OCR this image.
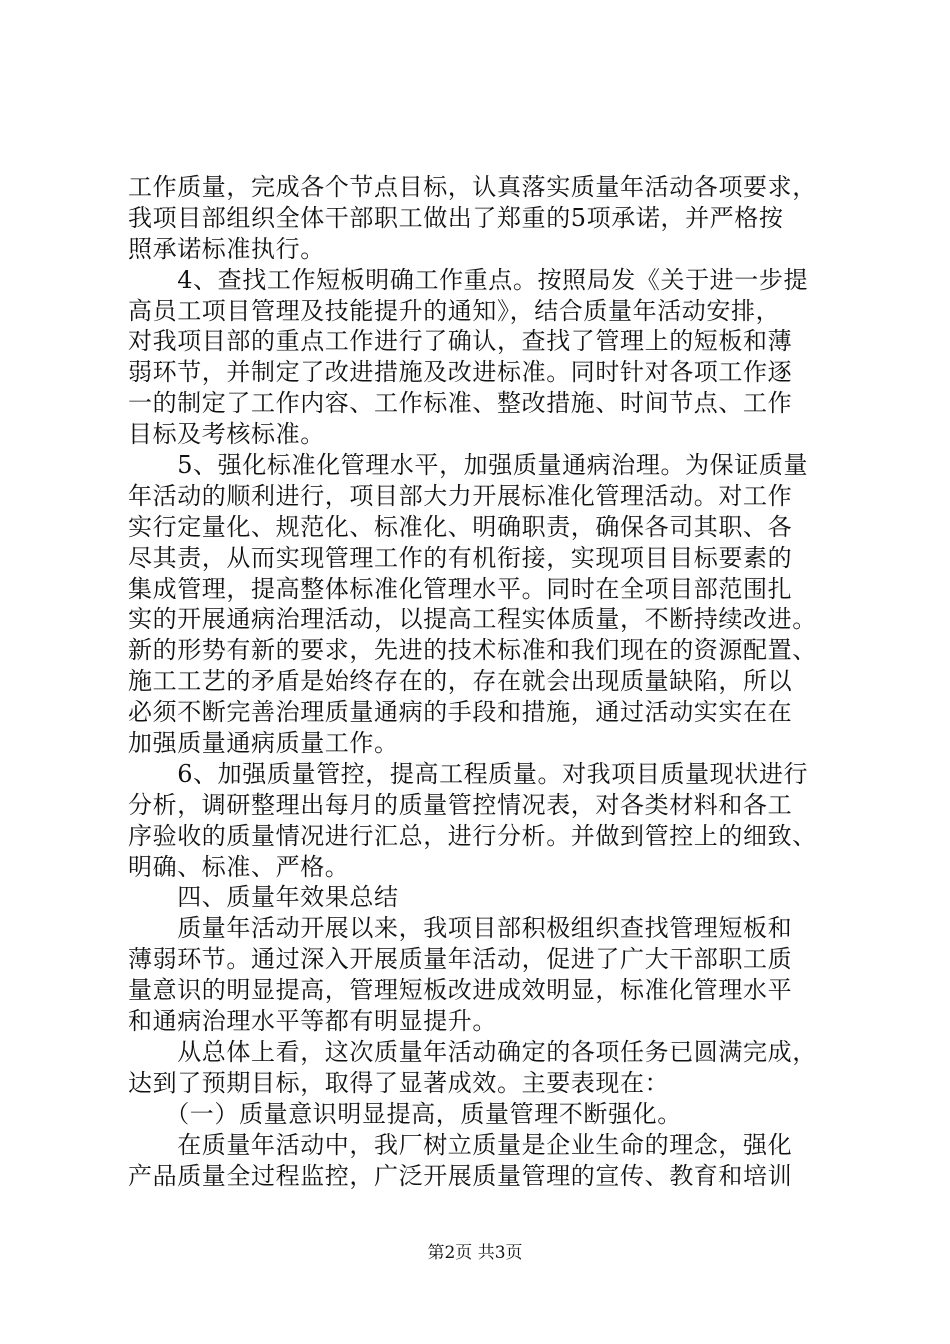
工作质量，完成各个节点目标，认真落实质量年活动各项要求，
我项目部组织全体干部职工做出了郑重的5项承诺，并严格按
照承诺标准执行。
　　4、查找工作短板明确工作重点。按照局发《关于进一步提
高员工项目管理及技能提升的通知》，结合质量年活动安排，
对我项目部的重点工作进行了确认，查找了管理上的短板和薄
弱环节，并制定了改进措施及改进标准。同时针对各项工作逐
一的制定了工作内容、工作标准、整改措施、时间节点、工作
目标及考核标准。
　　5、强化标准化管理水平，加强质量通病治理。为保证质量
年活动的顺利进行，项目部大力开展标准化管理活动。对工作
实行定量化、规范化、标准化、明确职责，确保各司其职、各
尽其责，从而实现管理工作的有机衔接，实现项目目标要素的
集成管理，提高整体标准化管理水平。同时在全项目部范围扎
实的开展通病治理活动，以提高工程实体质量，不断持续改进。
新的形势有新的要求，先进的技术标准和我们现在的资源配置、
施工工艺的矛盾是始终存在的，存在就会出现质量缺陷，所以
必须不断完善治理质量通病的手段和措施，通过活动实实在在
加强质量通病质量工作。
　　6、加强质量管控，提高工程质量。对我项目质量现状进行
分析，调研整理出每月的质量管控情况表，对各类材料和各工
序验收的质量情况进行汇总，进行分析。并做到管控上的细致、
明确、标准、严格。
　　四、质量年效果总结
　　质量年活动开展以来，我项目部积极组织查找管理短板和
薄弱环节。通过深入开展质量年活动，促进了广大干部职工质
量意识的明显提高，管理短板改进成效明显，标准化管理水平
和通病治理水平等都有明显提升。
　　从总体上看，这次质量年活动确定的各项任务已圆满完成，
达到了预期目标，取得了显著成效。主要表现在：
　　（一）质量意识明显提高，质量管理不断强化。
　　在质量年活动中，我厂树立质量是企业生命的理念，强化
产品质量全过程监控，广泛开展质量管理的宣传、教育和培训
第2页 共3页
